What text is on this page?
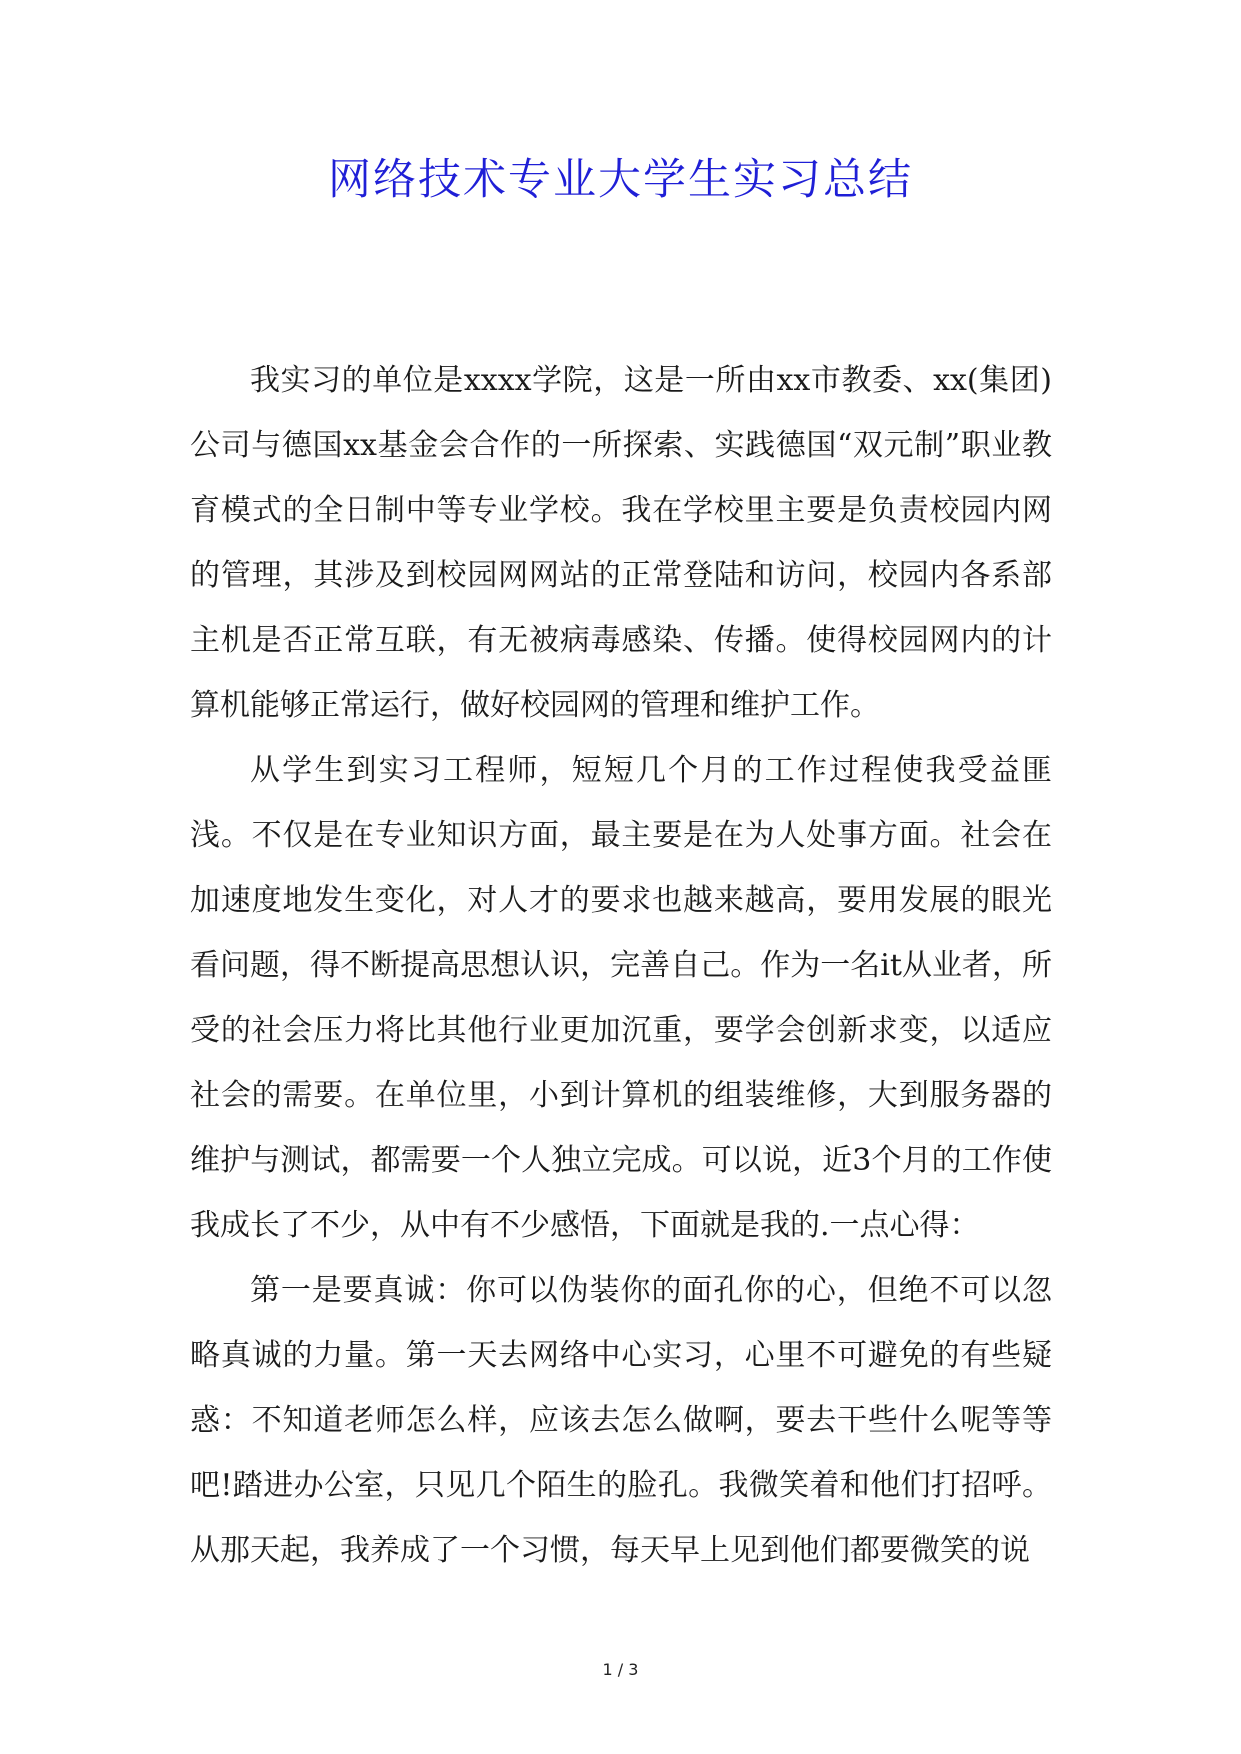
网络技术专业大学生实习总结

我实习的单位是xxxx学院，这是一所由xx市教委、xx(集团)公司与德国xx基金会合作的一所探索、实践德国“双元制”职业教育模式的全日制中等专业学校。我在学校里主要是负责校园内网的管理，其涉及到校园网网站的正常登陆和访问，校园内各系部主机是否正常互联，有无被病毒感染、传播。使得校园网内的计算机能够正常运行，做好校园网的管理和维护工作。

从学生到实习工程师，短短几个月的工作过程使我受益匪浅。不仅是在专业知识方面，最主要是在为人处事方面。社会在加速度地发生变化，对人才的要求也越来越高，要用发展的眼光看问题，得不断提高思想认识，完善自己。作为一名it从业者，所受的社会压力将比其他行业更加沉重，要学会创新求变，以适应社会的需要。在单位里，小到计算机的组装维修，大到服务器的维护与测试，都需要一个人独立完成。可以说，近3个月的工作使我成长了不少，从中有不少感悟，下面就是我的.一点心得：

第一是要真诚：你可以伪装你的面孔你的心，但绝不可以忽略真诚的力量。第一天去网络中心实习，心里不可避免的有些疑惑：不知道老师怎么样，应该去怎么做啊，要去干些什么呢等等吧!踏进办公室，只见几个陌生的脸孔。我微笑着和他们打招呼。从那天起，我养成了一个习惯，每天早上见到他们都要微笑的说

1 / 3
